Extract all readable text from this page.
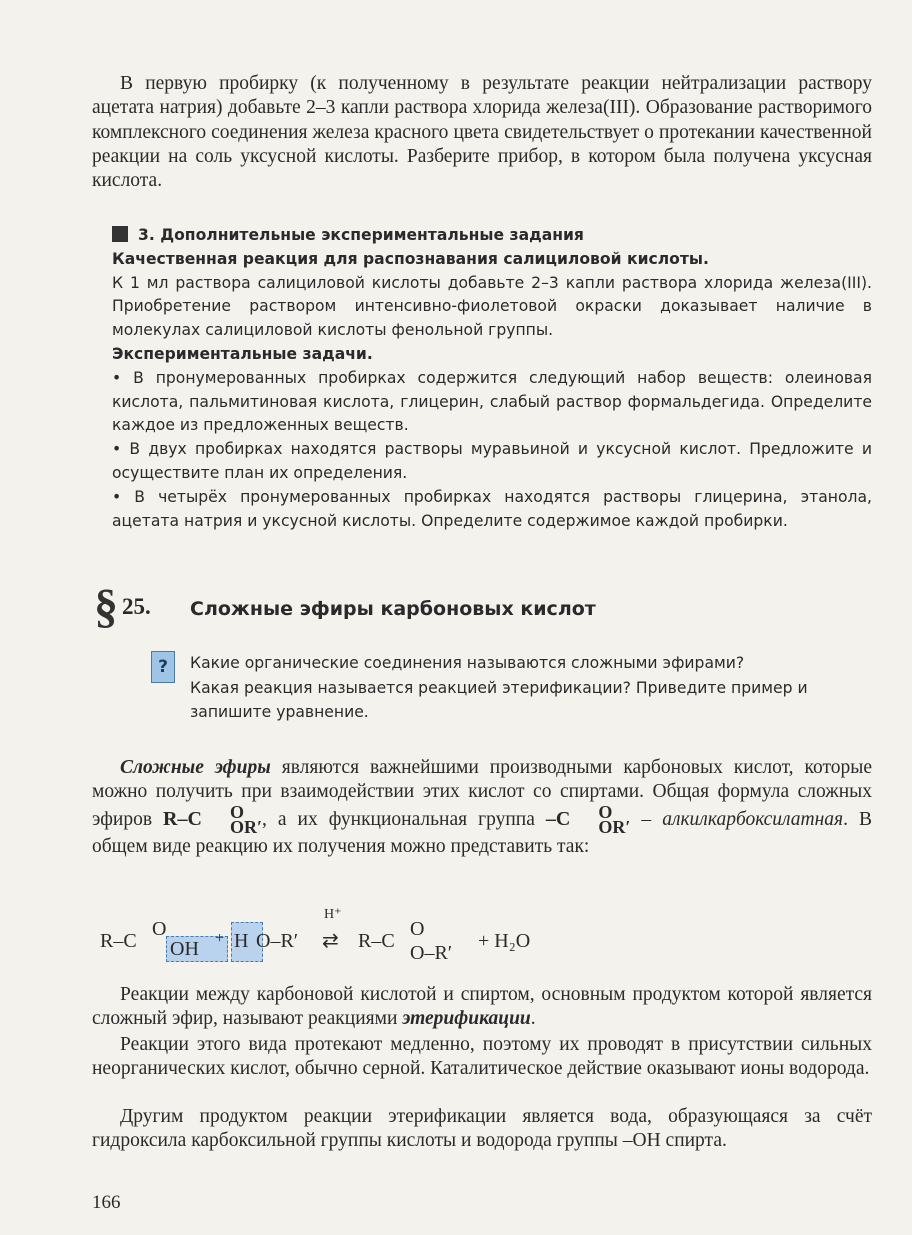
В первую пробирку (к полученному в результате реакции нейтрализации раствору ацетата натрия) добавьте 2–3 капли раствора хлорида железа(III). Образование растворимого комплексного соединения железа красного цвета свидетельствует о протекании качественной реакции на соль уксусной кислоты. Разберите прибор, в котором была получена уксусная кислота.

3. Дополнительные экспериментальные задания

Качественная реакция для распознавания салициловой кислоты.

К 1 мл раствора салициловой кислоты добавьте 2–3 капли раствора хлорида железа(III). Приобретение раствором интенсивно-фиолетовой окраски доказывает наличие в молекулах салициловой кислоты фенольной группы.

Экспериментальные задачи.

• В пронумерованных пробирках содержится следующий набор веществ: олеиновая кислота, пальмитиновая кислота, глицерин, слабый раствор формальдегида. Определите каждое из предложенных веществ.

• В двух пробирках находятся растворы муравьиной и уксусной кислот. Предложите и осуществите план их определения.

• В четырёх пронумерованных пробирках находятся растворы глицерина, этанола, ацетата натрия и уксусной кислоты. Определите содержимое каждой пробирки.

§ 25. Сложные эфиры карбоновых кислот
?	Какие органические соединения называются сложными эфирами?
Какая реакция называется реакцией этерификации? Приведите пример и запишите уравнение.
Сложные эфиры являются важнейшими производными карбоновых кислот, которые можно получить при взаимодействии этих кислот со спиртами. Общая формула сложных эфиров R–C	O
OR′ , а их функциональная группа –C	O
OR′ – алкилкарбоксилатная. В общем виде реакцию их получения можно представить так:
R–C
O
OH + H O–R′
H⁺
⇄ R–C
O
O–R′
+ H₂O
Реакции между карбоновой кислотой и спиртом, основным продуктом которой является сложный эфир, называют реакциями этерификации.
Реакции этого вида протекают медленно, поэтому их проводят в присутствии сильных неорганических кислот, обычно серной. Каталитическое действие оказывают ионы водорода.
Другим продуктом реакции этерификации является вода, образующаяся за счёт гидроксила карбоксильной группы кислоты и водорода группы –OH спирта.
166
